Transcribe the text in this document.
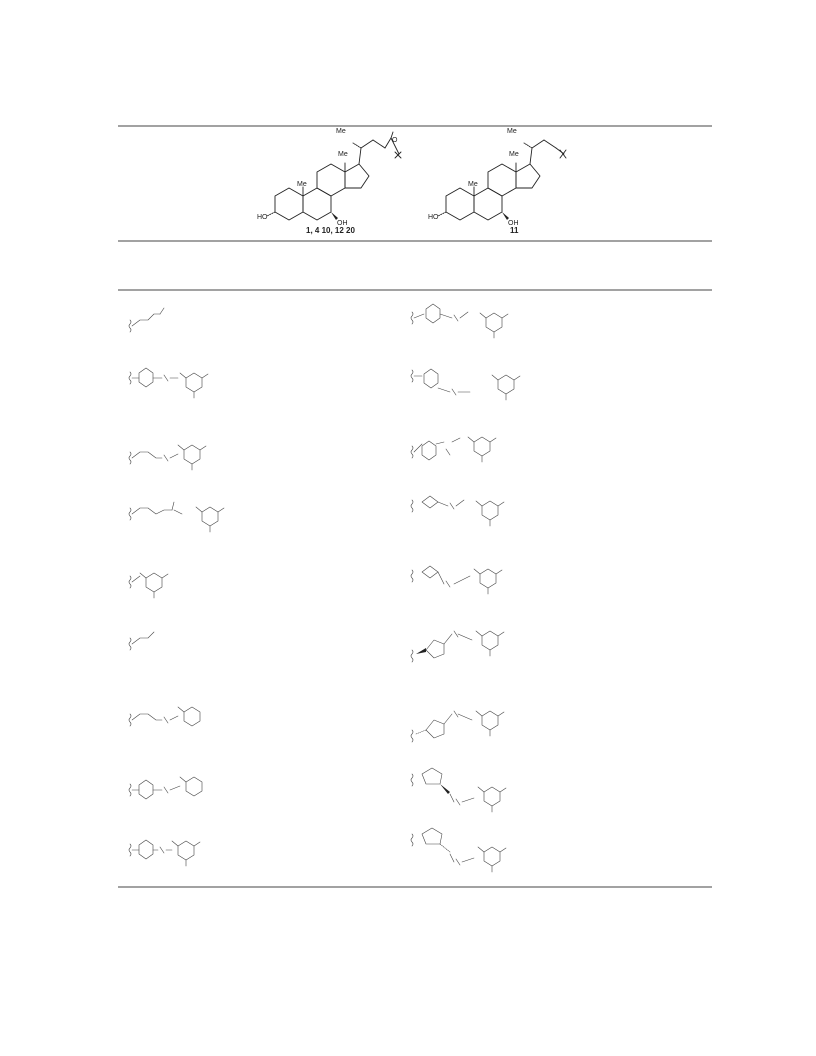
HO
OH
Me
Me
Me
O
1, 4 10, 12 20
HO
OH
Me
Me
Me
11
